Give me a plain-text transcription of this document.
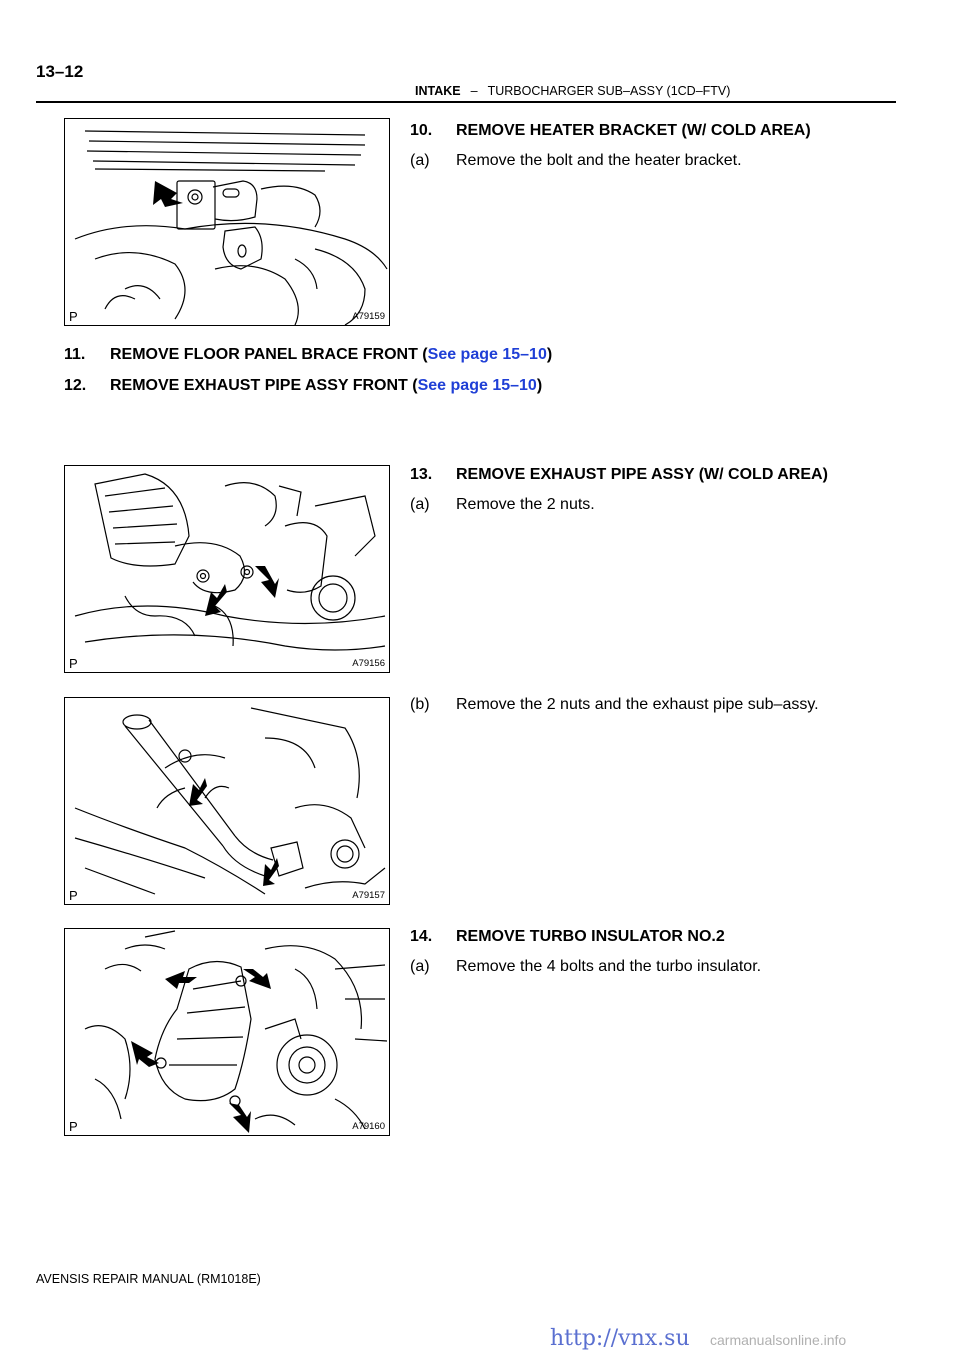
13–12
INTAKE – TURBOCHARGER SUB–ASSY (1CD–FTV)
P	A79159
10. REMOVE HEATER BRACKET (W/ COLD AREA)
(a) Remove the bolt and the heater bracket.
11. REMOVE FLOOR PANEL BRACE FRONT (See page 15–10)
12. REMOVE EXHAUST PIPE ASSY FRONT (See page 15–10)
P	A79156
13. REMOVE EXHAUST PIPE ASSY (W/ COLD AREA)
(a) Remove the 2 nuts.
P	A79157
(b) Remove the 2 nuts and the exhaust pipe sub–assy.
P	A79160
14. REMOVE TURBO INSULATOR NO.2
(a) Remove the 4 bolts and the turbo insulator.
AVENSIS REPAIR MANUAL (RM1018E)
http://vnx.su carmanualsonline.info
